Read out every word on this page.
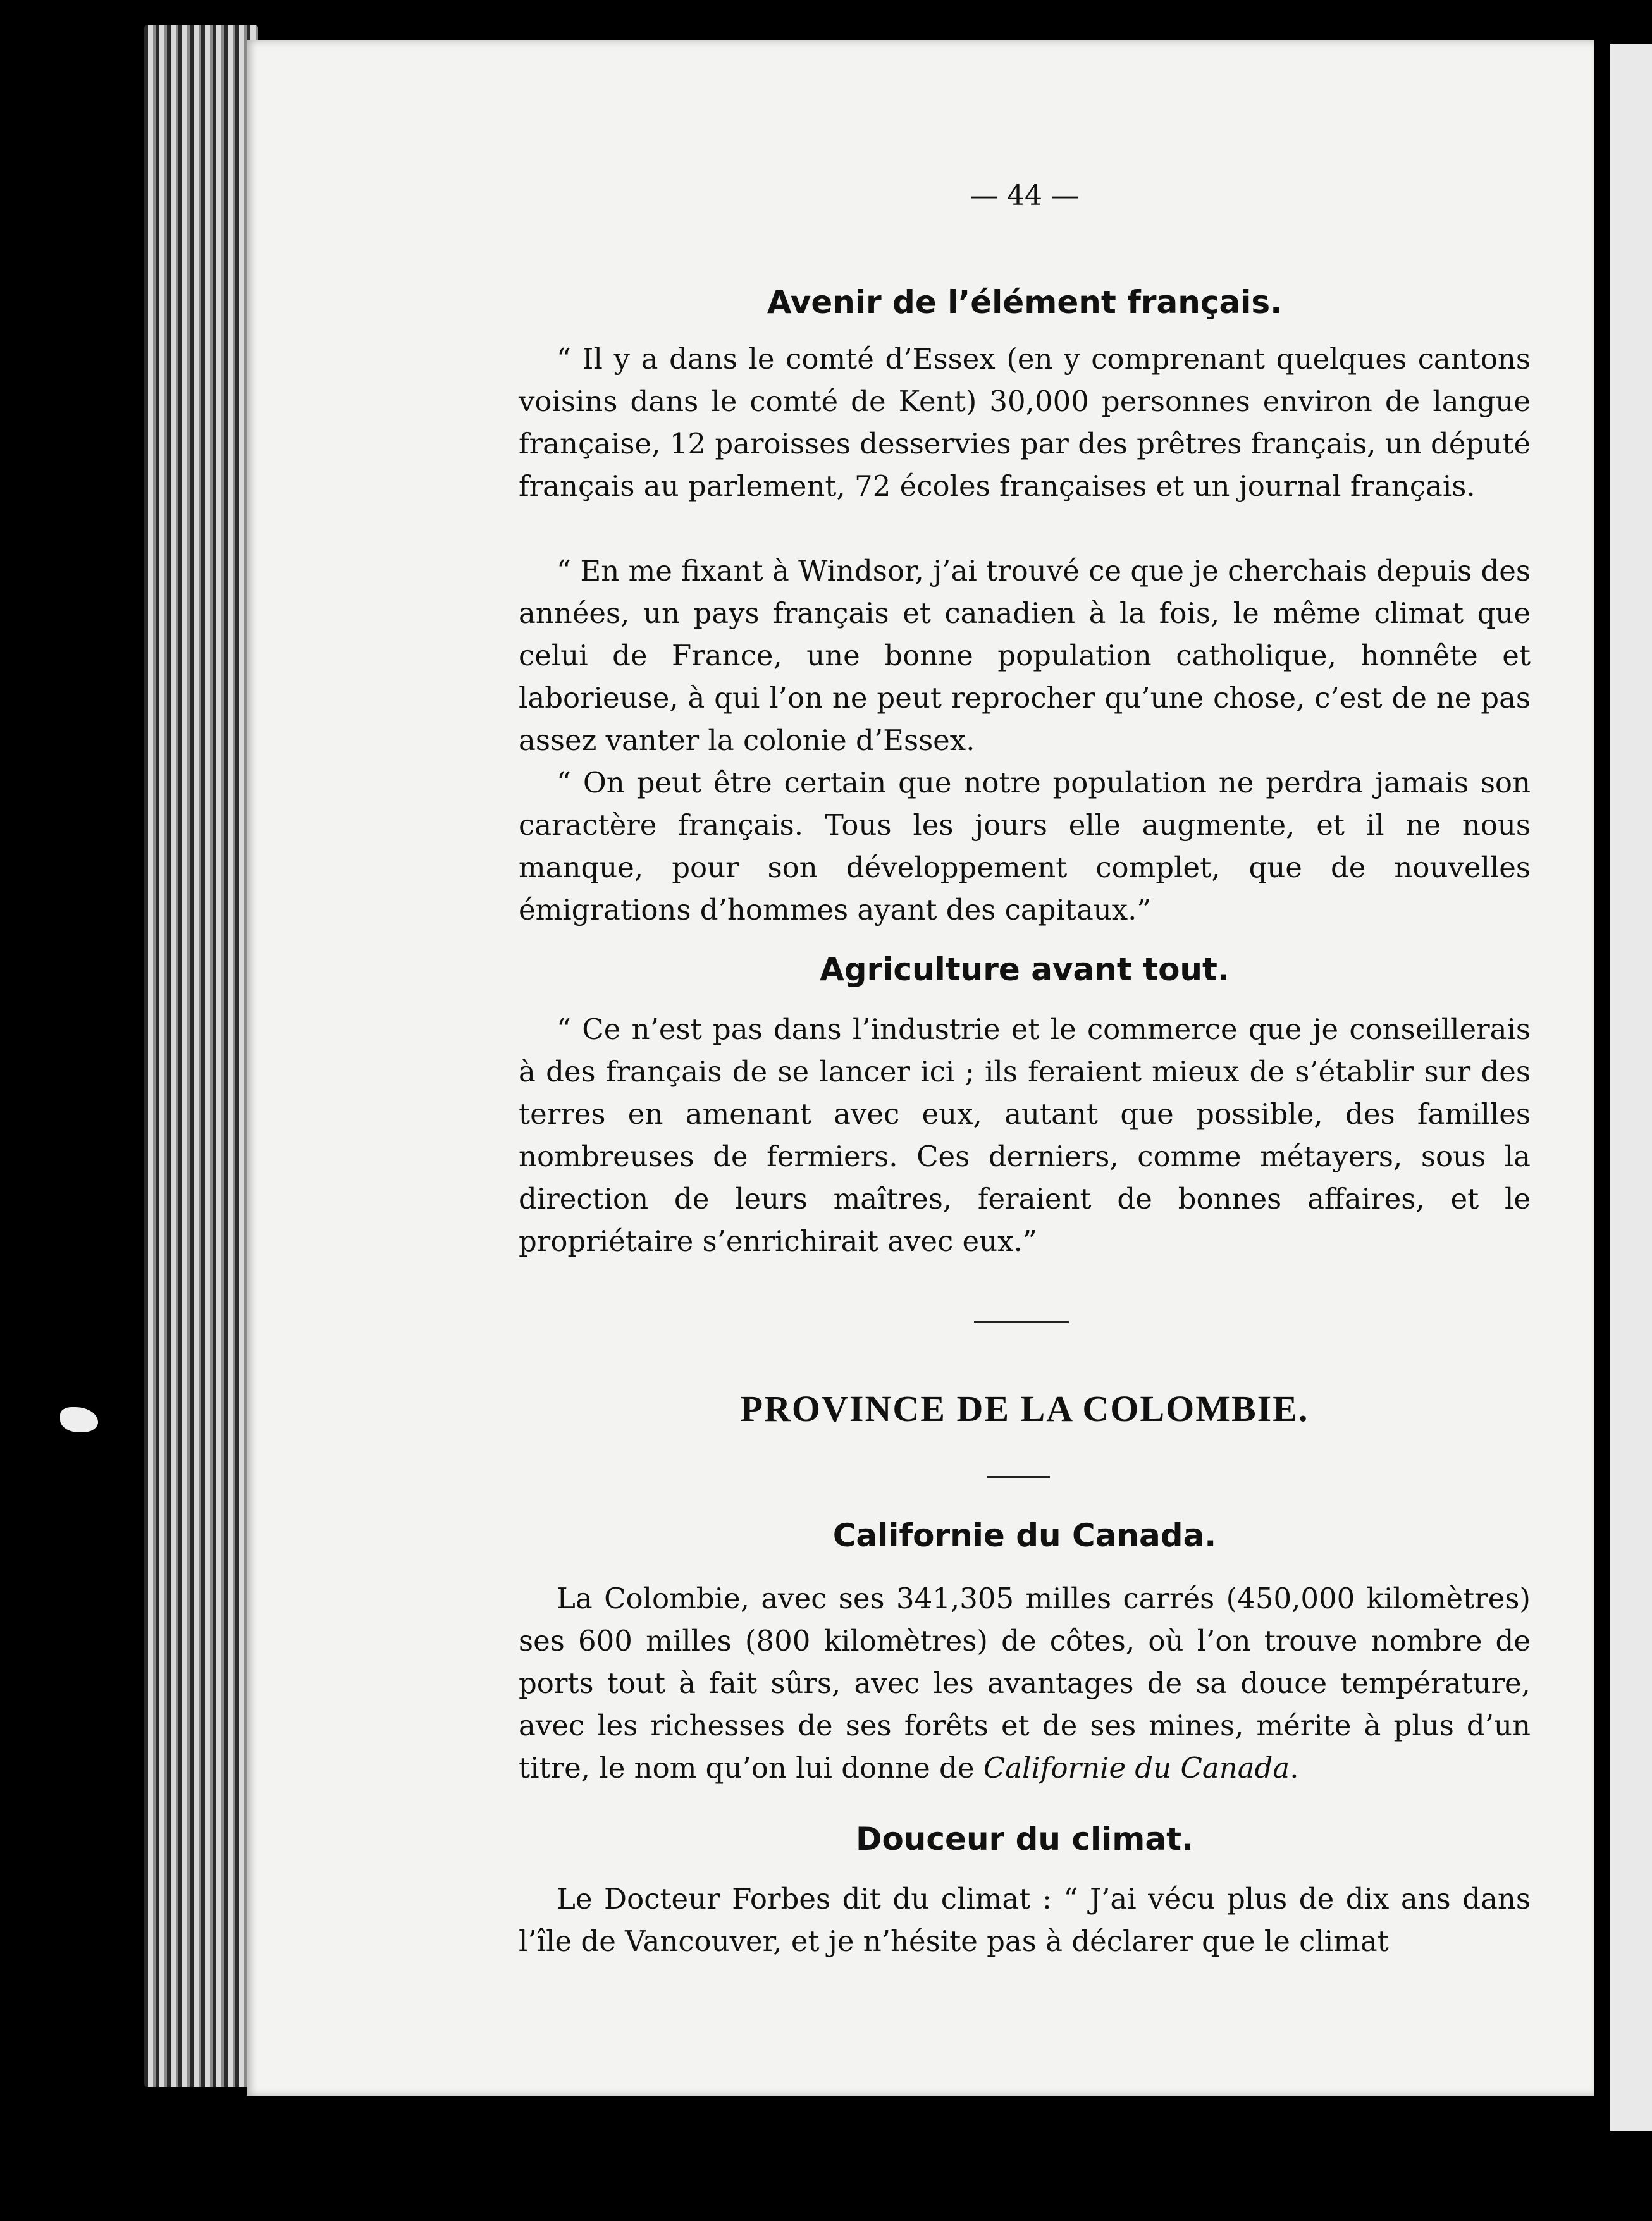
— 44 —

Avenir de l’élément français.

“ Il y a dans le comté d’Essex (en y comprenant quelques cantons voisins dans le comté de Kent) 30,000 personnes environ de langue française, 12 paroisses desservies par des prêtres français, un député français au parlement, 72 écoles françaises et un journal français.

“ En me fixant à Windsor, j’ai trouvé ce que je cherchais depuis des années, un pays français et canadien à la fois, le même climat que celui de France, une bonne population catholique, honnête et laborieuse, à qui l’on ne peut reprocher qu’une chose, c’est de ne pas assez vanter la colonie d’Essex.

“ On peut être certain que notre population ne perdra jamais son caractère français. Tous les jours elle augmente, et il ne nous manque, pour son développement complet, que de nouvelles émigrations d’hommes ayant des capitaux.”

Agriculture avant tout.

“ Ce n’est pas dans l’industrie et le commerce que je conseillerais à des français de se lancer ici ; ils feraient mieux de s’établir sur des terres en amenant avec eux, autant que possible, des familles nombreuses de fermiers. Ces derniers, comme métayers, sous la direction de leurs maîtres, feraient de bonnes affaires, et le propriétaire s’enrichirait avec eux.”

PROVINCE DE LA COLOMBIE.
Californie du Canada.

La Colombie, avec ses 341,305 milles carrés (450,000 kilomètres) ses 600 milles (800 kilomètres) de côtes, où l’on trouve nombre de ports tout à fait sûrs, avec les avantages de sa douce température, avec les richesses de ses forêts et de ses mines, mérite à plus d’un titre, le nom qu’on lui donne de Californie du Canada.

Douceur du climat.

Le Docteur Forbes dit du climat : “ J’ai vécu plus de dix ans dans l’île de Vancouver, et je n’hésite pas à déclarer que le climat
